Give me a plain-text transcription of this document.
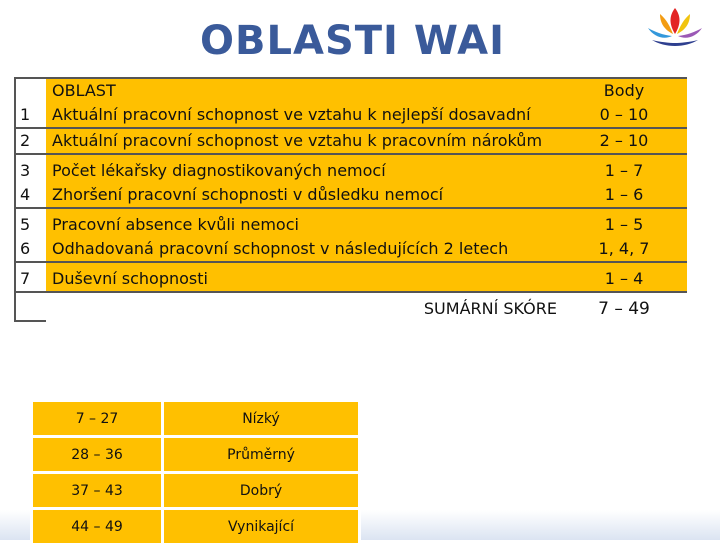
OBLASTI WAI
	OBLAST	Body
1	Aktuální pracovní schopnost ve vztahu k nejlepší dosavadní	0 – 10
2	Aktuální pracovní schopnost ve vztahu k pracovním nárokům	2 – 10
3	Počet lékařsky diagnostikovaných nemocí	1 – 7
4	Zhoršení pracovní schopnosti v důsledku nemocí	1 – 6
5	Pracovní absence kvůli nemoci	1 – 5
6	Odhadovaná pracovní schopnost v následujících 2 letech	1, 4, 7
7	Duševní schopnosti	1 – 4
	SUMÁRNÍ SKÓRE	7 – 49
7 – 27	Nízký
28 – 36	Průměrný
37 – 43	Dobrý
44 – 49	Vynikající
